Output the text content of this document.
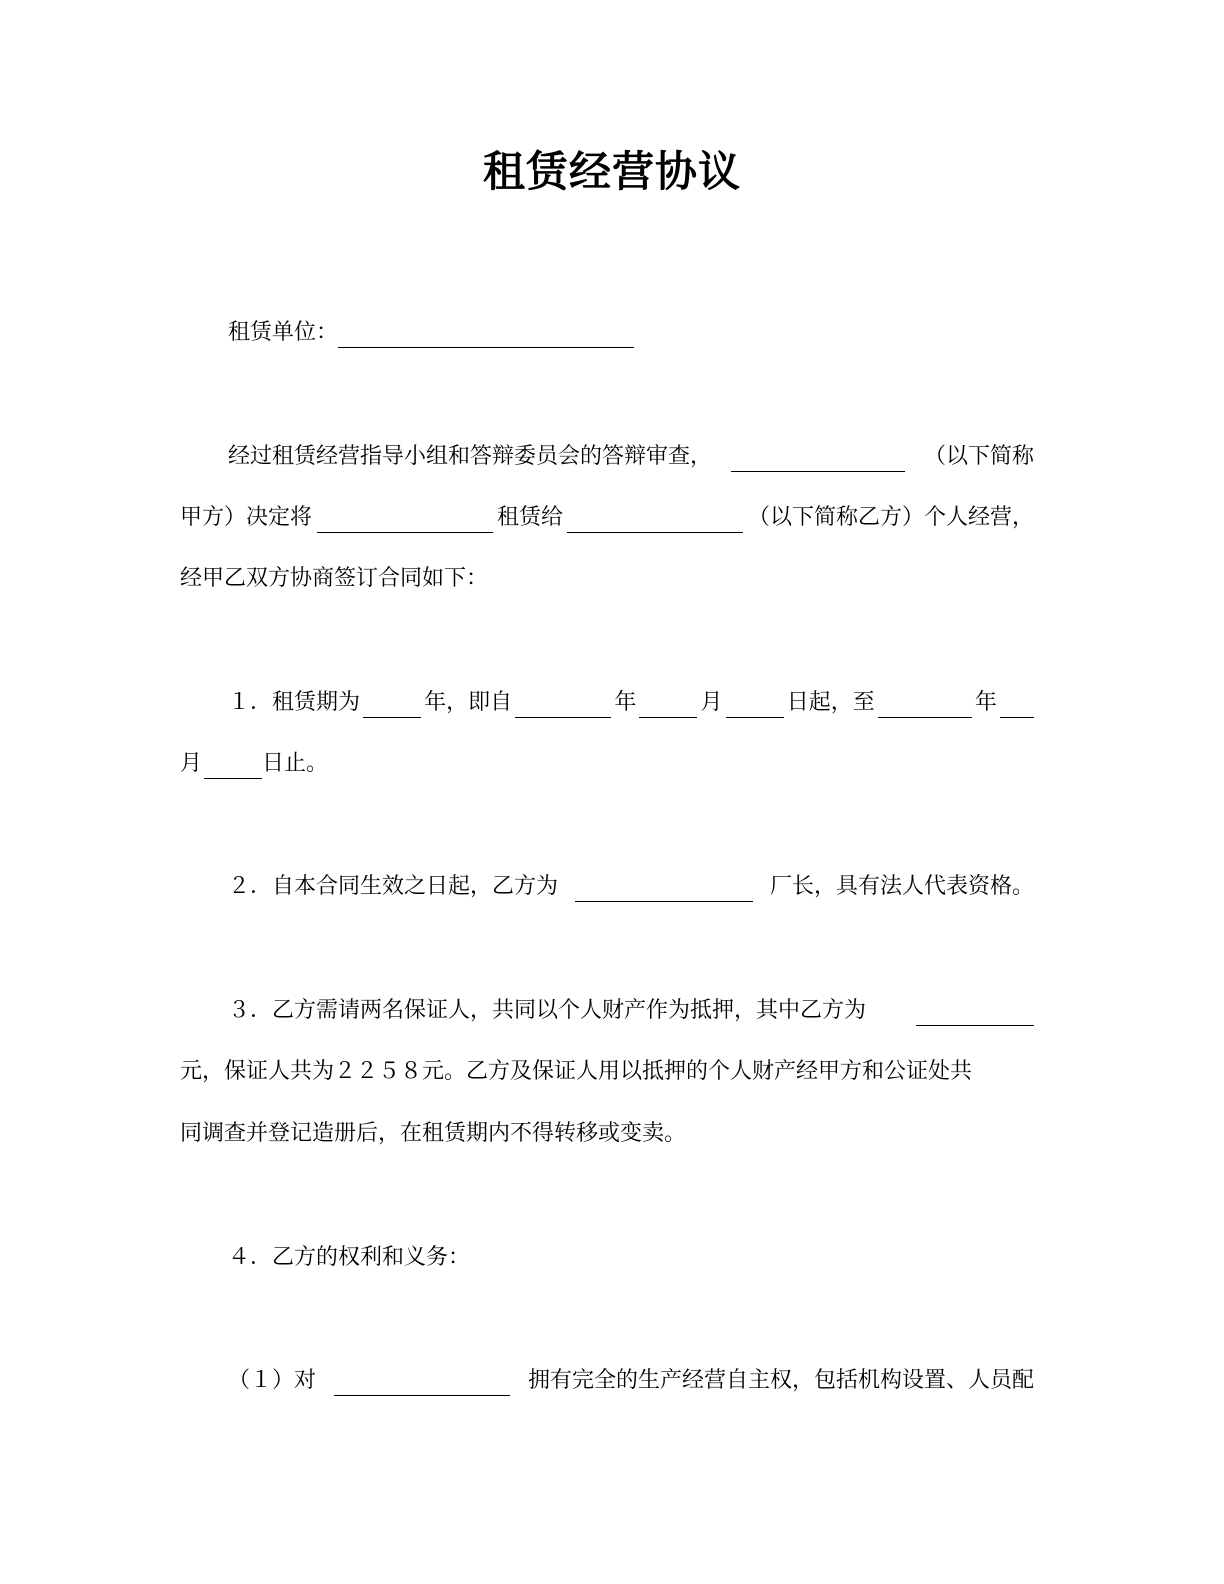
租赁经营协议
租赁单位：
经过租赁经营指导小组和答辩委员会的答辩审查，	（以下简称
甲方）决定将	租赁给	（以下简称乙方）个人经营，
经甲乙双方协商签订合同如下：
１．租赁期为	年，即自	年	月	日起，至	年
月	日止。
２．自本合同生效之日起，乙方为	厂长，具有法人代表资格。
３．乙方需请两名保证人，共同以个人财产作为抵押，其中乙方为
元，保证人共为２２５８元。乙方及保证人用以抵押的个人财产经甲方和公证处共
同调查并登记造册后，在租赁期内不得转移或变卖。
４．乙方的权利和义务：
（１）对	拥有完全的生产经营自主权，包括机构设置、人员配
